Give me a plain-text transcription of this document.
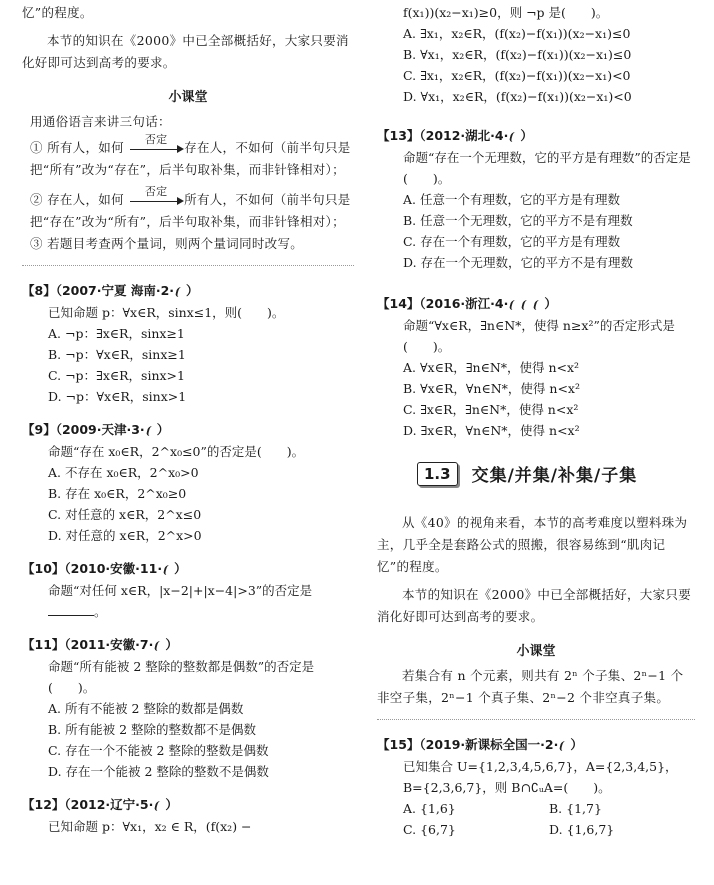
忆”的程度。
本节的知识在《2000》中已全部概括好，大家只要消化好即可达到高考的要求。
小课堂
用通俗语言来讲三句话：
① 所有人，如何
否定
存在人，不如何（前半句只是把“所有”改为“存在”，后半句取补集，而非针锋相对）；
② 存在人，如何
否定
所有人，不如何（前半句只是把“存在”改为“所有”，后半句取补集，而非针锋相对）；
③ 若题目考查两个量词，则两个量词同时改写。
【8】（2007·宁夏 海南·2· ）
已知命题 p：∀x∈R，sinx≤1，则(　　)。
A. ¬p：∃x∈R，sinx≥1
B. ¬p：∀x∈R，sinx≥1
C. ¬p：∃x∈R，sinx>1
D. ¬p：∀x∈R，sinx>1
【9】（2009·天津·3· ）
命题“存在 x₀∈R，2^x₀≤0”的否定是(　　)。
A. 不存在 x₀∈R，2^x₀>0
B. 存在 x₀∈R，2^x₀≥0
C. 对任意的 x∈R，2^x≤0
D. 对任意的 x∈R，2^x>0
【10】（2010·安徽·11· ）
命题“对任何 x∈R，|x−2|+|x−4|>3”的否定是。
【11】（2011·安徽·7· ）
命题“所有能被 2 整除的整数都是偶数”的否定是(　　)。
A. 所有不能被 2 整除的数都是偶数
B. 所有能被 2 整除的整数都不是偶数
C. 存在一个不能被 2 整除的整数是偶数
D. 存在一个能被 2 整除的整数不是偶数
【12】（2012·辽宁·5· ）
已知命题 p：∀x₁，x₂ ∈ R，(f(x₂) −
f(x₁))(x₂−x₁)≥0，则 ¬p 是(　　)。
A. ∃x₁，x₂∈R，(f(x₂)−f(x₁))(x₂−x₁)≤0
B. ∀x₁，x₂∈R，(f(x₂)−f(x₁))(x₂−x₁)≤0
C. ∃x₁，x₂∈R，(f(x₂)−f(x₁))(x₂−x₁)<0
D. ∀x₁，x₂∈R，(f(x₂)−f(x₁))(x₂−x₁)<0
【13】（2012·湖北·4· ）
命题“存在一个无理数，它的平方是有理数”的否定是(　　)。
A. 任意一个有理数，它的平方是有理数
B. 任意一个无理数，它的平方不是有理数
C. 存在一个有理数，它的平方是有理数
D. 存在一个无理数，它的平方不是有理数
【14】（2016·浙江·4·	）
命题“∀x∈R，∃n∈N*，使得 n≥x²”的否定形式是(　　)。
A. ∀x∈R，∃n∈N*，使得 n<x²
B. ∀x∈R，∀n∈N*，使得 n<x²
C. ∃x∈R，∃n∈N*，使得 n<x²
D. ∃x∈R，∀n∈N*，使得 n<x²
1.3	交集/并集/补集/子集
从《40》的视角来看，本节的高考难度以塑料珠为主，几乎全是套路公式的照搬，很容易练到“肌肉记忆”的程度。
本节的知识在《2000》中已全部概括好，大家只要消化好即可达到高考的要求。
小课堂
若集合有 n 个元素，则共有 2ⁿ 个子集、2ⁿ−1 个非空子集，2ⁿ−1 个真子集、2ⁿ−2 个非空真子集。
【15】（2019·新课标全国一·2· ）
已知集合 U={1,2,3,4,5,6,7}，A={2,3,4,5}，B={2,3,6,7}，则 B∩∁ᵤA=(　　)。
A. {1,6}	B. {1,7}
C. {6,7}	D. {1,6,7}
